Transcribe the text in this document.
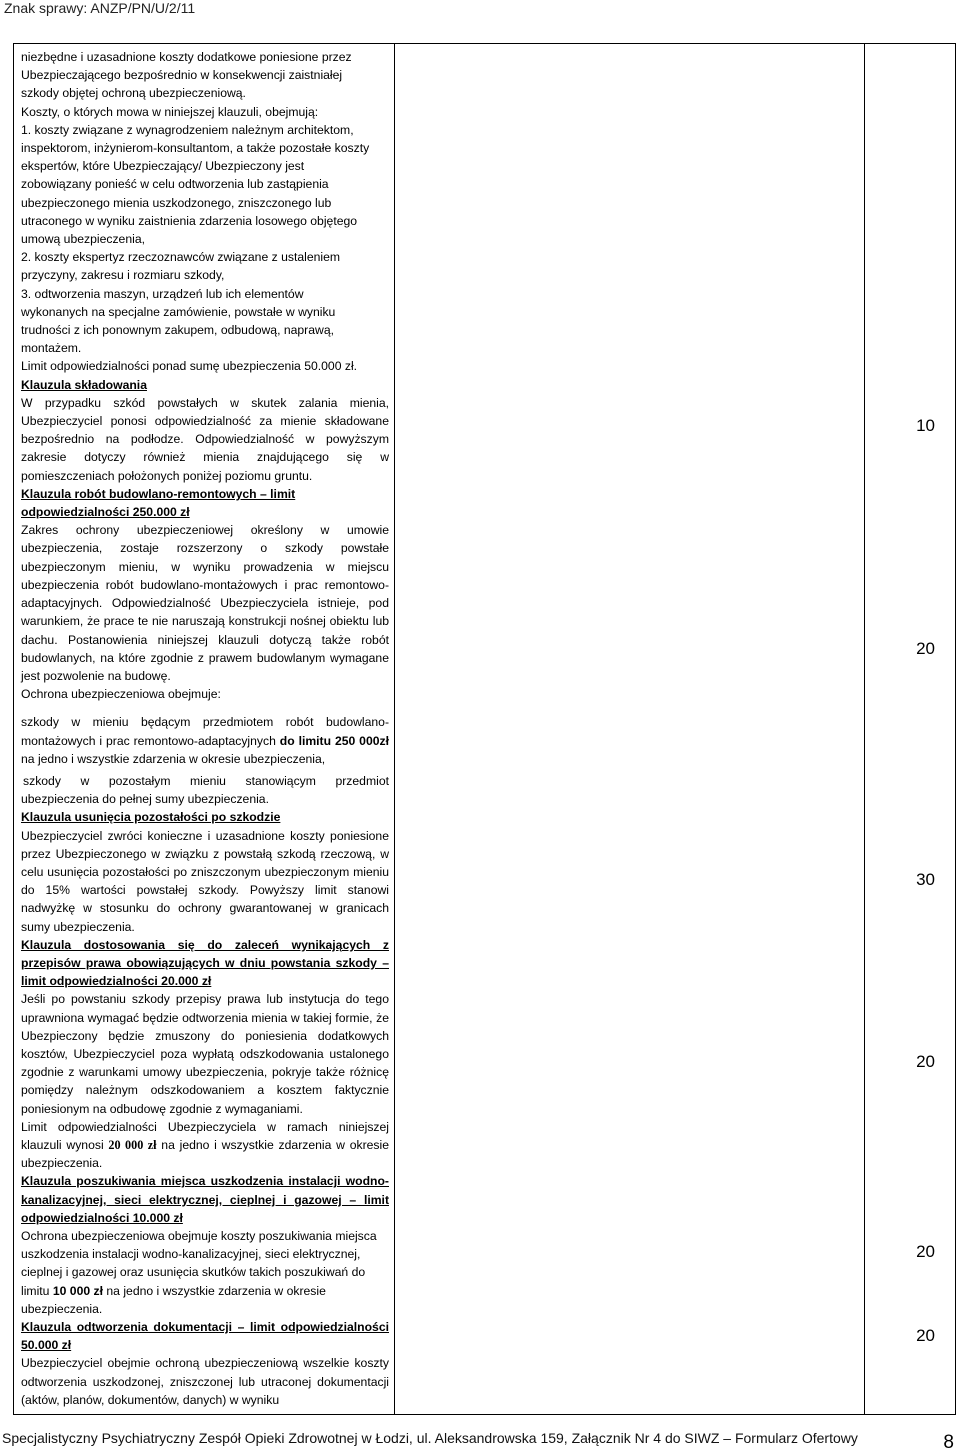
Znak sprawy: ANZP/PN/U/2/11

niezbędne i uzasadnione koszty dodatkowe poniesione przez

Ubezpieczającego bezpośrednio w konsekwencji zaistniałej

szkody objętej ochroną ubezpieczeniową.

Koszty, o których mowa w niniejszej klauzuli, obejmują:

1. koszty związane z wynagrodzeniem należnym architektom,

inspektorom, inżynierom-konsultantom, a także pozostałe koszty

ekspertów, które Ubezpieczający/ Ubezpieczony jest

zobowiązany ponieść w celu odtworzenia lub zastąpienia

ubezpieczonego mienia uszkodzonego, zniszczonego lub

utraconego w wyniku zaistnienia zdarzenia losowego objętego

umową ubezpieczenia,

2. koszty ekspertyz rzeczoznawców związane z ustaleniem

przyczyny, zakresu i rozmiaru szkody,

3. odtworzenia maszyn, urządzeń lub ich elementów

wykonanych na specjalne zamówienie, powstałe w wyniku

trudności z ich ponownym zakupem, odbudową, naprawą,

montażem.

Limit odpowiedzialności ponad sumę ubezpieczenia 50.000 zł.

Klauzula składowania

W przypadku szkód powstałych w skutek zalania mienia, Ubezpieczyciel ponosi odpowiedzialność za mienie składowane bezpośrednio na podłodze. Odpowiedzialność w powyższym zakresie dotyczy również mienia znajdującego się w pomieszczeniach położonych poniżej poziomu gruntu.

Klauzula robót budowlano-remontowych – limit odpowiedzialności 250.000 zł

Zakres ochrony ubezpieczeniowej określony w umowie ubezpieczenia, zostaje rozszerzony o szkody powstałe ubezpieczonym mieniu, w wyniku prowadzenia w miejscu ubezpieczenia robót budowlano-montażowych i prac remontowo-adaptacyjnych. Odpowiedzialność Ubezpieczyciela istnieje, pod warunkiem, że prace te nie naruszają konstrukcji nośnej obiektu lub dachu. Postanowienia niniejszej klauzuli dotyczą także robót budowlanych, na które zgodnie z prawem budowlanym wymagane jest pozwolenie na budowę.

Ochrona ubezpieczeniowa obejmuje:

szkody w mieniu będącym przedmiotem robót budowlano-montażowych i prac remontowo-adaptacyjnych do limitu 250 000zł na jedno i wszystkie zdarzenia w okresie ubezpieczenia,

szkody w pozostałym mieniu stanowiącym przedmiot ubezpieczenia do pełnej sumy ubezpieczenia.

Klauzula usunięcia pozostałości po szkodzie

Ubezpieczyciel zwróci konieczne i uzasadnione koszty poniesione przez Ubezpieczonego w związku z powstałą szkodą rzeczową, w celu usunięcia pozostałości po zniszczonym ubezpieczonym mieniu do 15% wartości powstałej szkody. Powyższy limit stanowi nadwyżkę w stosunku do ochrony gwarantowanej w granicach sumy ubezpieczenia.

Klauzula dostosowania się do zaleceń wynikających z przepisów prawa obowiązujących w dniu powstania szkody – limit odpowiedzialności 20.000 zł

Jeśli po powstaniu szkody przepisy prawa lub instytucja do tego uprawniona wymagać będzie odtworzenia mienia w takiej formie, że Ubezpieczony będzie zmuszony do poniesienia dodatkowych kosztów, Ubezpieczyciel poza wypłatą odszkodowania ustalonego zgodnie z warunkami umowy ubezpieczenia, pokryje także różnicę pomiędzy należnym odszkodowaniem a kosztem faktycznie poniesionym na odbudowę zgodnie z wymaganiami.

Limit odpowiedzialności Ubezpieczyciela w ramach niniejszej klauzuli wynosi 20 000 zł na jedno i wszystkie zdarzenia w okresie ubezpieczenia.

Klauzula poszukiwania miejsca uszkodzenia instalacji wodno-kanalizacyjnej, sieci elektrycznej, cieplnej i gazowej – limit odpowiedzialności 10.000 zł

Ochrona ubezpieczeniowa obejmuje koszty poszukiwania miejsca uszkodzenia instalacji wodno-kanalizacyjnej, sieci elektrycznej, cieplnej i gazowej oraz usunięcia skutków takich poszukiwań do limitu 10 000 zł na jedno i wszystkie zdarzenia w okresie ubezpieczenia.

Klauzula odtworzenia dokumentacji – limit odpowiedzialności 50.000 zł

Ubezpieczyciel obejmie ochroną ubezpieczeniową wszelkie koszty odtworzenia uszkodzonej, zniszczonej lub utraconej dokumentacji (aktów, planów, dokumentów, danych) w wyniku

10
20
30
20
20
20
Specjalistyczny Psychiatryczny Zespół Opieki Zdrowotnej w Łodzi, ul. Aleksandrowska 159, Załącznik Nr 4 do SIWZ – Formularz Ofertowy	8
